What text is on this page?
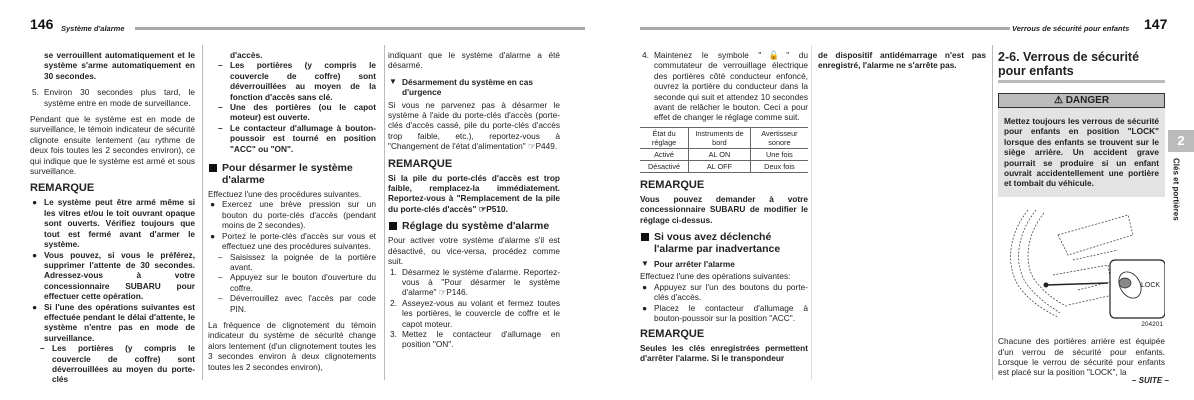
146 Système d'alarme

se verrouillent automatiquement et le système s'arme automatiquement en 30 secondes.

5. Environ 30 secondes plus tard, le système entre en mode de surveillance.

Pendant que le système est en mode de surveillance, le témoin indicateur de sécurité clignote ensuite lentement (au rythme de deux fois toutes les 2 secondes environ), ce qui indique que le système est armé et sous surveillance.

REMARQUE
● Le système peut être armé même si les vitres et/ou le toit ouvrant opaque sont ouverts. Vérifiez toujours que tout est fermé avant d'armer le système.
● Vous pouvez, si vous le préférez, supprimer l'attente de 30 secondes. Adressez-vous à votre concessionnaire SUBARU pour effectuer cette opération.
● Si l'une des opérations suivantes est effectuée pendant le délai d'attente, le système n'entre pas en mode de surveillance.
– Les portières (y compris le couvercle de coffre) sont déverrouillées au moyen du porte-clés
d'accès.
– Les portières (y compris le couvercle de coffre) sont déverrouillées au moyen de la fonction d'accès sans clé.
– Une des portières (ou le capot moteur) est ouverte.
– Le contacteur d'allumage à bouton-poussoir est tourné en position "ACC" ou "ON".
Pour désarmer le système d'alarme
Effectuez l'une des procédures suivantes.
● Exercez une brève pression sur un bouton du porte-clés d'accès (pendant moins de 2 secondes).
● Portez le porte-clés d'accès sur vous et effectuez une des procédures suivantes.
– Saisissez la poignée de la portière avant.
– Appuyez sur le bouton d'ouverture du coffre.

– Déverrouillez avec l'accès par code PIN.

La fréquence de clignotement du témoin indicateur du système de sécurité change alors lentement (d'un clignotement toutes les 3 secondes environ à deux clignotements toutes les 2 secondes environ),

indiquant que le système d'alarme a été désarmé.

▼ Désarmement du système en cas d'urgence

Si vous ne parvenez pas à désarmer le système à l'aide du porte-clés d'accès (porte-clés d'accès cassé, pile du porte-clés d'accès trop faible, etc.), reportez-vous à "Changement de l'état d'alimentation" ☞P449.

REMARQUE

Si la pile du porte-clés d'accès est trop faible, remplacez-la immédiatement. Reportez-vous à "Remplacement de la pile du porte-clés d'accès" ☞P510.

Réglage du système d'alarme
Pour activer votre système d'alarme s'il est désactivé, ou vice-versa, procédez comme suit.
1. Désarmez le système d'alarme. Reportez-vous à "Pour désarmer le système d'alarme" ☞P146.
2. Asseyez-vous au volant et fermez toutes les portières, le couvercle de coffre et le capot moteur.
3. Mettez le contacteur d'allumage en position "ON".
Verrous de sécurité pour enfants 147
4. Maintenez le symbole "🔓" du commutateur de verrouillage électrique des portières côté conducteur enfoncé, ouvrez la portière du conducteur dans la seconde qui suit et attendez 10 secondes avant de relâcher le bouton. Ceci a pour effet de changer le réglage comme suit.
État du réglage	Instruments de bord	Avertisseur sonore
Activé	AL ON	Une fois
Désactivé	AL OFF	Deux fois
REMARQUE

Vous pouvez demander à votre concessionnaire SUBARU de modifier le réglage ci-dessus.

Si vous avez déclenché l'alarme par inadvertance
▼ Pour arrêter l'alarme
Effectuez l'une des opérations suivantes:
● Appuyez sur l'un des boutons du porte-clés d'accès.
● Placez le contacteur d'allumage à bouton-poussoir sur la position "ACC".
REMARQUE

Seules les clés enregistrées permettent d'arrêter l'alarme. Si le transpondeur

de dispositif antidémarrage n'est pas enregistré, l'alarme ne s'arrête pas.

2-6. Verrous de sécurité pour enfants
⚠ DANGER
Mettez toujours les verrous de sécurité pour enfants en position "LOCK" lorsque des enfants se trouvent sur le siège arrière. Un accident grave pourrait se produire si un enfant ouvrait accidentellement une portière et tombait du véhicule.
LOCK
204201

Chacune des portières arrière est équipée d'un verrou de sécurité pour enfants. Lorsque le verrou de sécurité pour enfants est placé sur la position "LOCK", la

2
Clés et portières
– SUITE –
